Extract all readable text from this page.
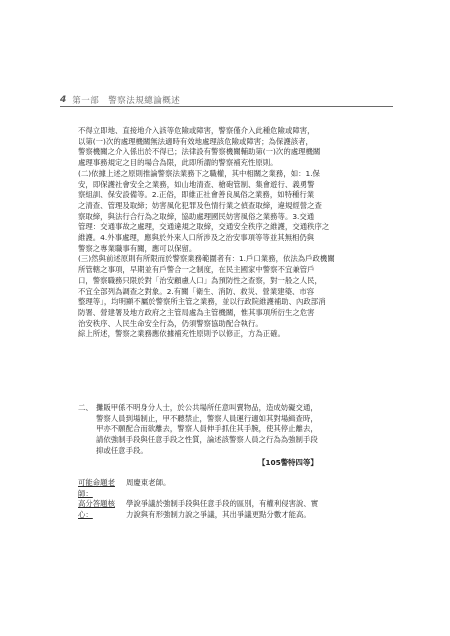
4 第一部　警察法規總論概述

不得立即地、直接地介入該等危險或障害，警察僅介入此種危險或障害，

以第(一)次的處理機關無法適時有效地處理該危險或障害；為保護該者，

警察機關之介入係出於不得已；法律設有警察機關輔助第(一)次的處理機關

處理事務規定之目的場合為限，此即所謂的警察補充性原則。

(二)依據上述之原則推論警察法業務下之職權，其中相關之業務，如：1.保

安，即保護社會安全之業務，如山地清查、槍砲管制、集會遊行、義勇警

察組訓、保安設備等。2.正俗，即維正社會善良風俗之業務，如特種行業

之清查、管理及取締；妨害風化犯罪及色情行業之偵查取締，違規經營之查

察取締，與法行合行為之取締，協助處理國民妨害風俗之業務等。3.交通

管理：交通事故之處理，交通違規之取締，交通安全秩序之維護，交通秩序之

維護。4.外事處理，應與於外來人口所涉及之治安事項等等並其無相仍與

警察之專業職事有關，應可以保留。

(三)然與前述原則有所限而於警察業務範圍者有：1.戶口業務，依法為戶政機關

所管轄之事項，早期並有戶警合一之制度，在民主國家中警察不宜兼管戶

口，警察職務只限於對「治安顧慮人口」為預防性之查察，對一般之人民，

不宜全部列為調查之對象。2.有關「衛生、消防、救災、營業建築、市容

整理等」，均明顯不屬於警察所主管之業務，並以行政院維護補助、內政部消

防署、營建署及地方政府之主管局處為主管機關，惟其事項所衍生之危害

治安秩序、人民生命安全行為，仍須警察協助配合執行。

綜上所述，警察之業務應依據補充性原則予以修正，方為正確。

二、 攤販甲係不明身分人士，於公共場所任意叫賣物品，造成妨礙交通，

警察人員到場制止，甲不聽禁止，警察人員運行適如其對場緝查時，

甲亦不願配合而欲離去，警察人員伸手抓住其手腕，使其停止離去，

請依強制手段與任意手段之性質，論述該警察人員之行為為強制手段

抑或任意手段。

【105警特四等】
可能命題老師：
周慶東老師。
高分答題核心：

學說爭議於強制手段與任意手段的區別，有權利侵害說、實

力說與有形強制力說之爭議，其出爭議更點分數才能高。
